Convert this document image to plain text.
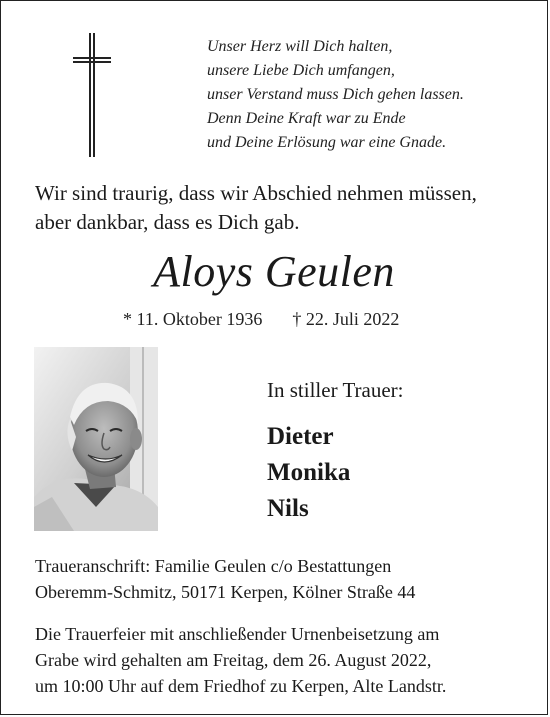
Unser Herz will Dich halten,
unsere Liebe Dich umfangen,
unser Verstand muss Dich gehen lassen.
Denn Deine Kraft war zu Ende
und Deine Erlösung war eine Gnade.
Wir sind traurig, dass wir Abschied nehmen müssen,
aber dankbar, dass es Dich gab.
Aloys Geulen
* 11. Oktober 1936 † 22. Juli 2022
In stiller Trauer:
Dieter
Monika
Nils
Traueranschrift: Familie Geulen c/o Bestattungen
Oberemm-Schmitz, 50171 Kerpen, Kölner Straße 44
Die Trauerfeier mit anschließender Urnenbeisetzung am
Grabe wird gehalten am Freitag, dem 26. August 2022,
um 10:00 Uhr auf dem Friedhof zu Kerpen, Alte Landstr.
